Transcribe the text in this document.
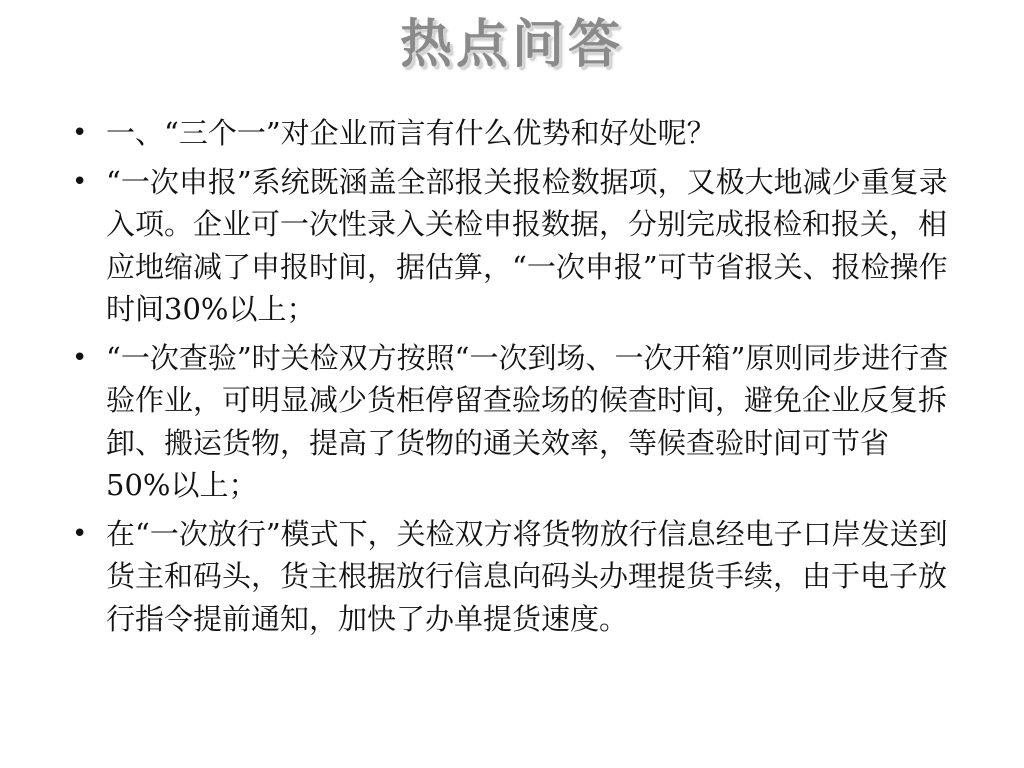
热点问答
• 一、“三个一”对企业而言有什么优势和好处呢？
• “一次申报”系统既涵盖全部报关报检数据项，又极大地减少重复录入项。企业可一次性录入关检申报数据，分别完成报检和报关，相应地缩减了申报时间，据估算，“一次申报”可节省报关、报检操作时间30%以上；
• “一次查验”时关检双方按照“一次到场、一次开箱”原则同步进行查验作业，可明显减少货柜停留查验场的候查时间，避免企业反复拆卸、搬运货物，提高了货物的通关效率，等候查验时间可节省50%以上；
• 在“一次放行”模式下，关检双方将货物放行信息经电子口岸发送到货主和码头，货主根据放行信息向码头办理提货手续，由于电子放行指令提前通知，加快了办单提货速度。
